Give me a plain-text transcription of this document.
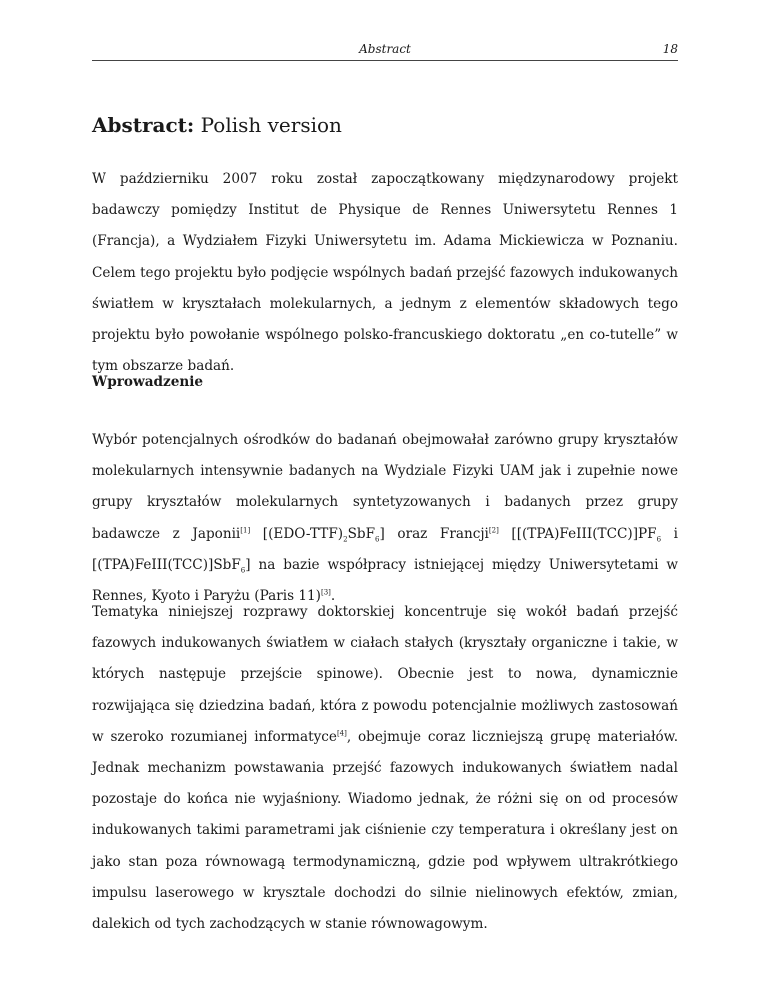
Abstract	18
Abstract: Polish version

W październiku 2007 roku został zapoczątkowany międzynarodowy projekt badawczy pomiędzy Institut de Physique de Rennes Uniwersytetu Rennes 1 (Francja), a Wydziałem Fizyki Uniwersytetu im. Adama Mickiewicza w Poznaniu. Celem tego projektu było podjęcie wspólnych badań przejść fazowych indukowanych światłem w kryształach molekularnych, a jednym z elementów składowych tego projektu było powołanie wspólnego polsko-francuskiego doktoratu „en co-tutelle” w tym obszarze badań.

Wprowadzenie

Wybór potencjalnych ośrodków do badanań obejmowałał zarówno grupy kryształów molekularnych intensywnie badanych na Wydziale Fizyki UAM jak i zupełnie nowe grupy kryształów molekularnych syntetyzowanych i badanych przez grupy badawcze z Japonii[1] $[(EDO-TTF)_2SbF_6]$ oraz Francji[2] [$[(TPA)FeIII(TCC)]PF_6$ i [(TPA)FeIII(TCC)]SbF$_6$] na bazie współpracy istniejącej między Uniwersytetami w Rennes, Kyoto i Paryżu (Paris 11)[3].

Tematyka niniejszej rozprawy doktorskiej koncentruje się wokół badań przejść fazowych indukowanych światłem w ciałach stałych (kryształy organiczne i takie, w których następuje przejście spinowe). Obecnie jest to nowa, dynamicznie rozwijająca się dziedzina badań, która z powodu potencjalnie możliwych zastosowań w szeroko rozumianej informatyce[4], obejmuje coraz liczniejszą grupę materiałów. Jednak mechanizm powstawania przejść fazowych indukowanych światłem nadal pozostaje do końca nie wyjaśniony. Wiadomo jednak, że różni się on od procesów indukowanych takimi parametrami jak ciśnienie czy temperatura i określany jest on jako stan poza równowagą termodynamiczną, gdzie pod wpływem ultrakrótkiego impulsu laserowego w krysztale dochodzi do silnie nielinowych efektów, zmian, dalekich od tych zachodzących w stanie równowagowym.
